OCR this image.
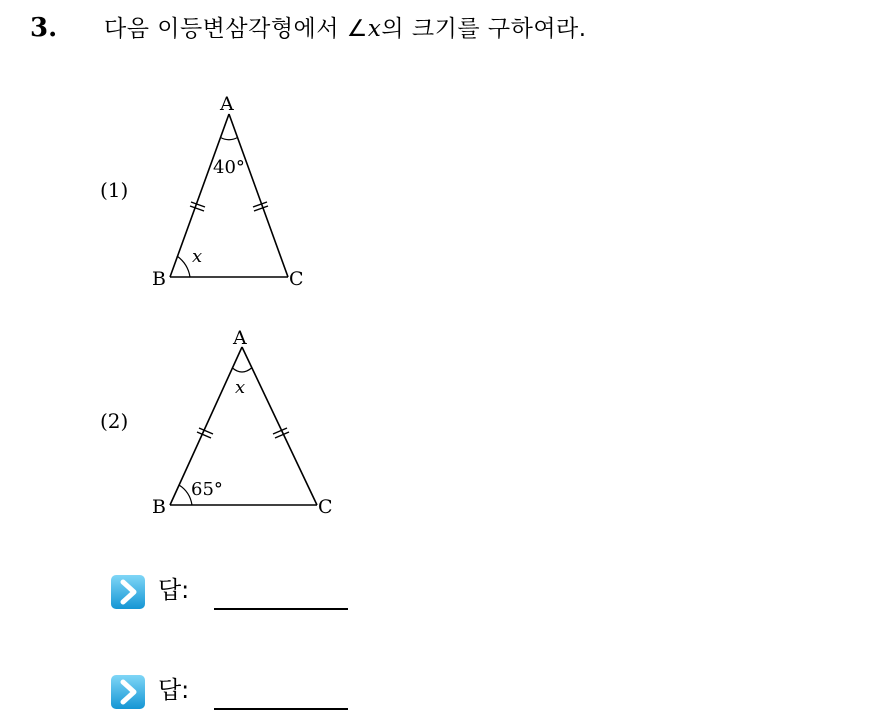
3. 다음 이등변삼각형에서 ∠x의 크기를 구하여라.
(1)
A
B	C
40°
x
(2)
A
B	C
x
65°
답:
답:
